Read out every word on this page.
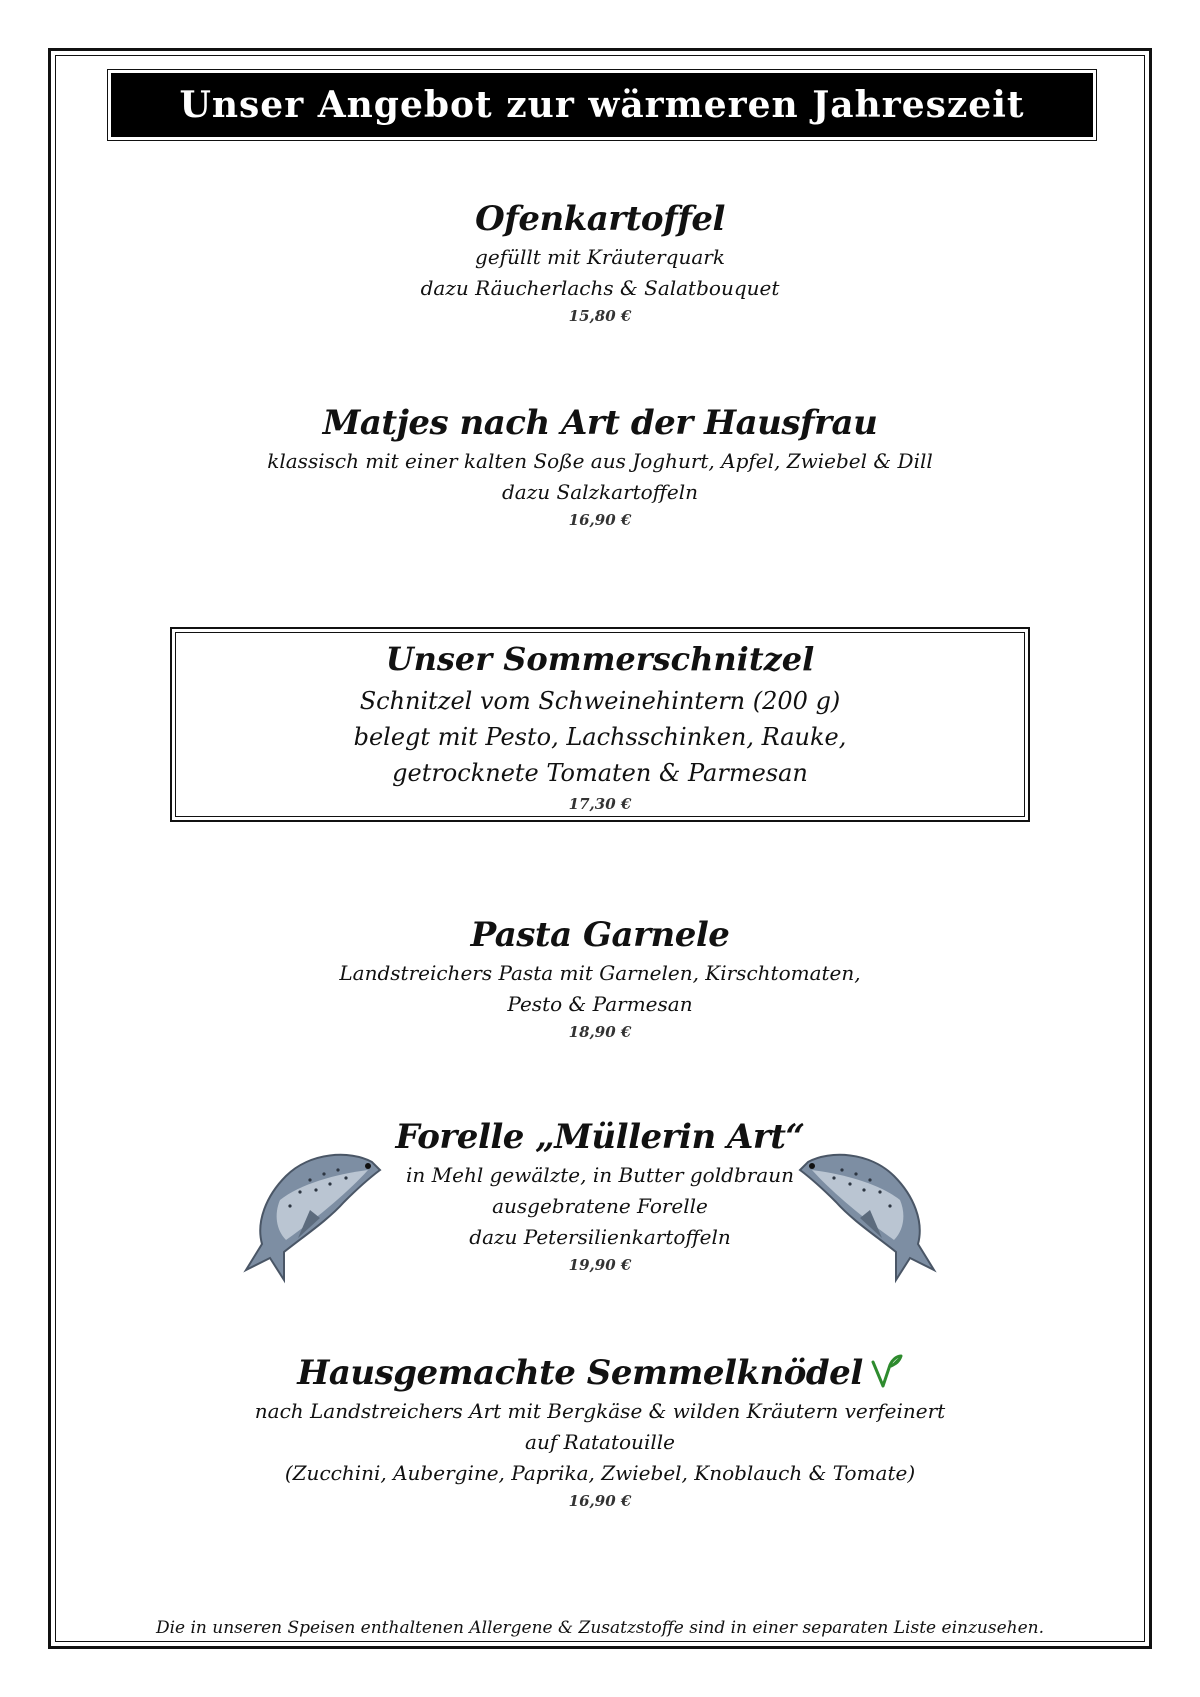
Unser Angebot zur wärmeren Jahreszeit
Ofenkartoffel
gefüllt mit Kräuterquark
dazu Räucherlachs & Salatbouquet
15,80 €
Matjes nach Art der Hausfrau
klassisch mit einer kalten Soße aus Joghurt, Apfel, Zwiebel & Dill
dazu Salzkartoffeln
16,90 €
Unser Sommerschnitzel
Schnitzel vom Schweinehintern (200 g)
belegt mit Pesto, Lachsschinken, Rauke,
getrocknete Tomaten & Parmesan
17,30 €
Pasta Garnele
Landstreichers Pasta mit Garnelen, Kirschtomaten,
Pesto & Parmesan
18,90 €
Forelle „Müllerin Art“
in Mehl gewälzte, in Butter goldbraun
ausgebratene Forelle
dazu Petersilienkartoffeln
19,90 €
Hausgemachte Semmelknödel
nach Landstreichers Art mit Bergkäse & wilden Kräutern verfeinert
auf Ratatouille
(Zucchini, Aubergine, Paprika, Zwiebel, Knoblauch & Tomate)
16,90 €
Die in unseren Speisen enthaltenen Allergene & Zusatzstoffe sind in einer separaten Liste einzusehen.
